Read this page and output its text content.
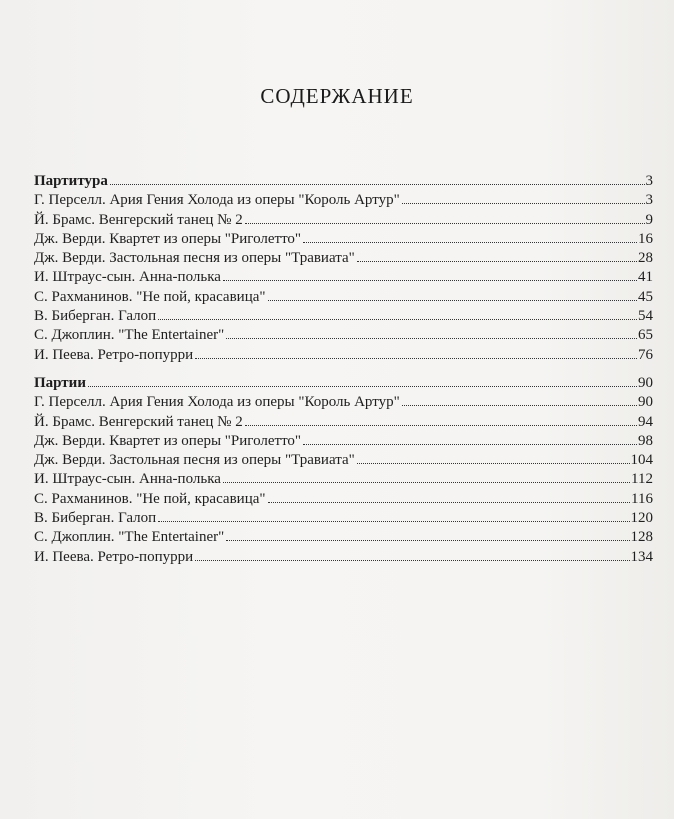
СОДЕРЖАНИЕ
Партитура	3
Г. Перселл. Ария Гения Холода из оперы "Король Артур"	3
Й. Брамс. Венгерский танец № 2	9
Дж. Верди. Квартет из оперы "Риголетто"	16
Дж. Верди. Застольная песня из оперы "Травиата"	28
И. Штраус-сын. Анна-полька	41
С. Рахманинов. "Не пой, красавица"	45
В. Биберган. Галоп	54
С. Джоплин. "The Entertainer"	65
И. Пеева. Ретро-попурри	76
Партии	90
Г. Перселл. Ария Гения Холода из оперы "Король Артур"	90
Й. Брамс. Венгерский танец № 2	94
Дж. Верди. Квартет из оперы "Риголетто"	98
Дж. Верди. Застольная песня из оперы "Травиата"	104
И. Штраус-сын. Анна-полька	112
С. Рахманинов. "Не пой, красавица"	116
В. Биберган. Галоп	120
С. Джоплин. "The Entertainer"	128
И. Пеева. Ретро-попурри	134
